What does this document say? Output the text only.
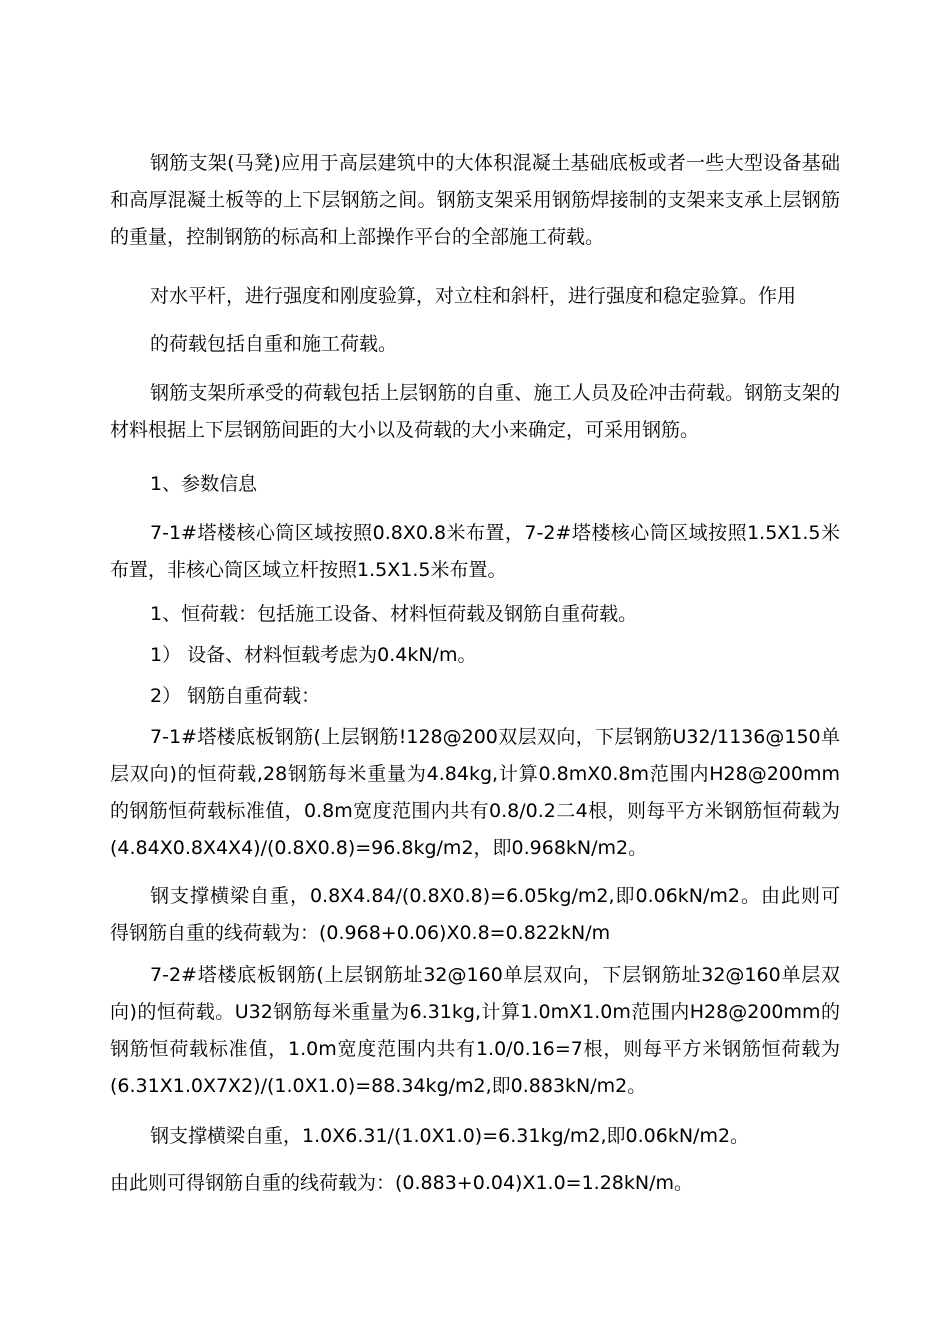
钢筋支架(马凳)应用于高层建筑中的大体积混凝土基础底板或者一些大型设备基础和高厚混凝土板等的上下层钢筋之间。钢筋支架采用钢筋焊接制的支架来支承上层钢筋的重量，控制钢筋的标高和上部操作平台的全部施工荷载。

对水平杆，进行强度和刚度验算，对立柱和斜杆，进行强度和稳定验算。作用

的荷载包括自重和施工荷载。

钢筋支架所承受的荷载包括上层钢筋的自重、施工人员及砼冲击荷载。钢筋支架的材料根据上下层钢筋间距的大小以及荷载的大小来确定，可采用钢筋。

1、参数信息

7-1#塔楼核心筒区域按照0.8X0.8米布置，7-2#塔楼核心筒区域按照1.5X1.5米布置，非核心筒区域立杆按照1.5X1.5米布置。

1、恒荷载：包括施工设备、材料恒荷载及钢筋自重荷载。

1） 设备、材料恒载考虑为0.4kN/m。

2） 钢筋自重荷载：

7-1#塔楼底板钢筋(上层钢筋!128@200双层双向，下层钢筋U32/1136@150单层双向)的恒荷载,28钢筋每米重量为4.84kg,计算0.8mX0.8m范围内H28@200mm的钢筋恒荷载标准值，0.8m宽度范围内共有0.8/0.2二4根，则每平方米钢筋恒荷载为(4.84X0.8X4X4)/(0.8X0.8)=96.8kg/m2，即0.968kN/m2。

钢支撑横梁自重，0.8X4.84/(0.8X0.8)=6.05kg/m2,即0.06kN/m2。由此则可得钢筋自重的线荷载为：(0.968+0.06)X0.8=0.822kN/m

7-2#塔楼底板钢筋(上层钢筋址32@160单层双向，下层钢筋址32@160单层双向)的恒荷载。U32钢筋每米重量为6.31kg,计算1.0mX1.0m范围内H28@200mm的钢筋恒荷载标准值，1.0m宽度范围内共有1.0/0.16=7根，则每平方米钢筋恒荷载为(6.31X1.0X7X2)/(1.0X1.0)=88.34kg/m2,即0.883kN/m2。

钢支撑横梁自重，1.0X6.31/(1.0X1.0)=6.31kg/m2,即0.06kN/m2。

由此则可得钢筋自重的线荷载为：(0.883+0.04)X1.0=1.28kN/m。
